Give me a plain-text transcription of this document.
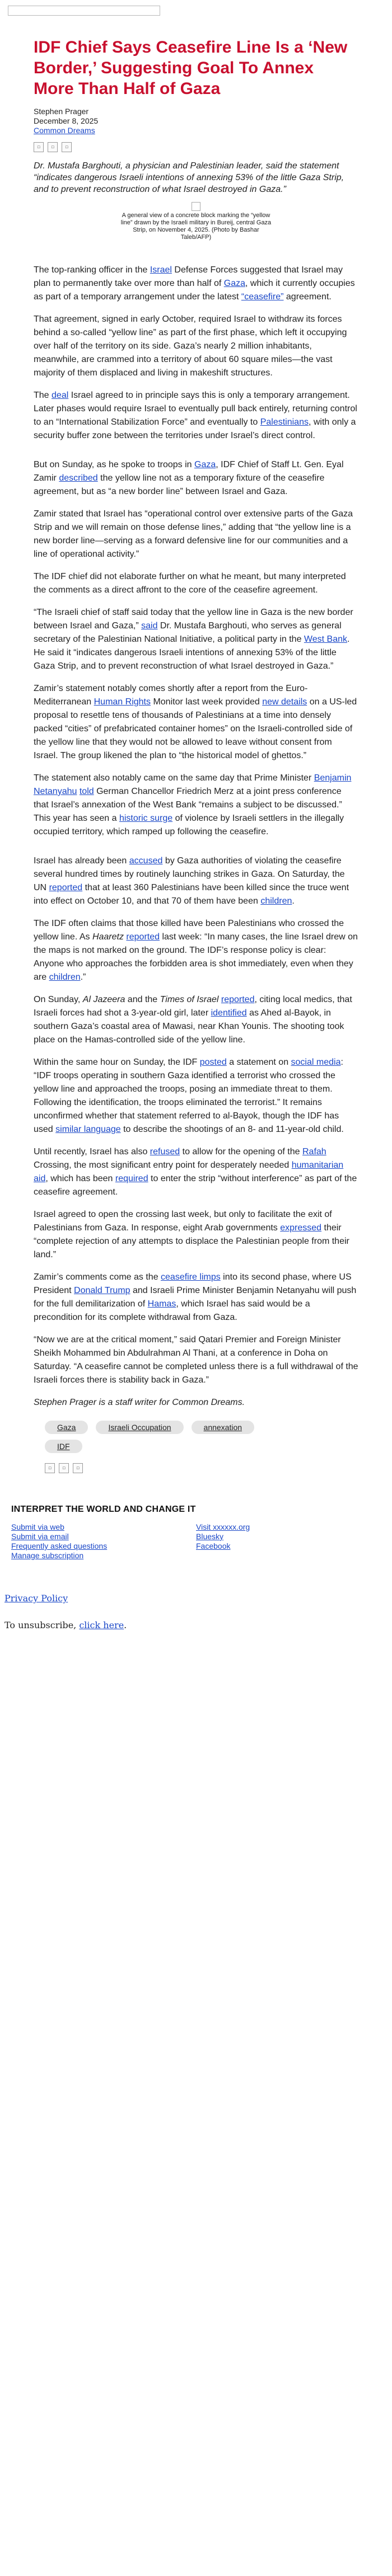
IDF Chief Says Ceasefire Line Is a ‘New Border,’ Suggesting Goal To Annex More Than Half of Gaza
Stephen Prager
December 8, 2025
Common Dreams
▫	▫	▫

Dr. Mustafa Barghouti, a physician and Palestinian leader, said the statement “indicates dangerous Israeli intentions of annexing 53% of the little Gaza Strip, and to prevent reconstruction of what Israel destroyed in Gaza.”

A general view of a concrete block marking the “yellow line” drawn by the Israeli military in Bureij, central Gaza Strip, on November 4, 2025. (Photo by Bashar Taleb/AFP)

The top-ranking officer in the Israel Defense Forces suggested that Israel may plan to permanently take over more than half of Gaza, which it currently occupies as part of a temporary arrangement under the latest “ceasefire” agreement.

That agreement, signed in early October, required Israel to withdraw its forces behind a so-called “yellow line” as part of the first phase, which left it occupying over half of the territory on its side. Gaza’s nearly 2 million inhabitants, meanwhile, are crammed into a territory of about 60 square miles—the vast majority of them displaced and living in makeshift structures.

The deal Israel agreed to in principle says this is only a temporary arrangement. Later phases would require Israel to eventually pull back entirely, returning control to an “International Stabilization Force” and eventually to Palestinians, with only a security buffer zone between the territories under Israel’s direct control.

But on Sunday, as he spoke to troops in Gaza, IDF Chief of Staff Lt. Gen. Eyal Zamir described the yellow line not as a temporary fixture of the ceasefire agreement, but as “a new border line” between Israel and Gaza.

Zamir stated that Israel has “operational control over extensive parts of the Gaza Strip and we will remain on those defense lines,” adding that “the yellow line is a new border line—serving as a forward defensive line for our communities and a line of operational activity.”

The IDF chief did not elaborate further on what he meant, but many interpreted the comments as a direct affront to the core of the ceasefire agreement.

“The Israeli chief of staff said today that the yellow line in Gaza is the new border between Israel and Gaza,” said Dr. Mustafa Barghouti, who serves as general secretary of the Palestinian National Initiative, a political party in the West Bank. He said it “indicates dangerous Israeli intentions of annexing 53% of the little Gaza Strip, and to prevent reconstruction of what Israel destroyed in Gaza.”

Zamir’s statement notably comes shortly after a report from the Euro-Mediterranean Human Rights Monitor last week provided new details on a US-led proposal to resettle tens of thousands of Palestinians at a time into densely packed “cities” of prefabricated container homes” on the Israeli-controlled side of the yellow line that they would not be allowed to leave without consent from Israel. The group likened the plan to “the historical model of ghettos.”

The statement also notably came on the same day that Prime Minister Benjamin Netanyahu told German Chancellor Friedrich Merz at a joint press conference that Israel’s annexation of the West Bank “remains a subject to be discussed.” This year has seen a historic surge of violence by Israeli settlers in the illegally occupied territory, which ramped up following the ceasefire.

Israel has already been accused by Gaza authorities of violating the ceasefire several hundred times by routinely launching strikes in Gaza. On Saturday, the UN reported that at least 360 Palestinians have been killed since the truce went into effect on October 10, and that 70 of them have been children.

The IDF often claims that those killed have been Palestinians who crossed the yellow line. As Haaretz reported last week: “In many cases, the line Israel drew on the maps is not marked on the ground. The IDF’s response policy is clear: Anyone who approaches the forbidden area is shot immediately, even when they are children.”

On Sunday, Al Jazeera and the Times of Israel reported, citing local medics, that Israeli forces had shot a 3-year-old girl, later identified as Ahed al-Bayok, in southern Gaza’s coastal area of Mawasi, near Khan Younis. The shooting took place on the Hamas-controlled side of the yellow line.

Within the same hour on Sunday, the IDF posted a statement on social media: “IDF troops operating in southern Gaza identified a terrorist who crossed the yellow line and approached the troops, posing an immediate threat to them. Following the identification, the troops eliminated the terrorist.” It remains unconfirmed whether that statement referred to al-Bayok, though the IDF has used similar language to describe the shootings of an 8- and 11-year-old child.

Until recently, Israel has also refused to allow for the opening of the Rafah Crossing, the most significant entry point for desperately needed humanitarian aid, which has been required to enter the strip “without interference” as part of the ceasefire agreement.

Israel agreed to open the crossing last week, but only to facilitate the exit of Palestinians from Gaza. In response, eight Arab governments expressed their “complete rejection of any attempts to displace the Palestinian people from their land.”

Zamir’s comments come as the ceasefire limps into its second phase, where US President Donald Trump and Israeli Prime Minister Benjamin Netanyahu will push for the full demilitarization of Hamas, which Israel has said would be a precondition for its complete withdrawal from Gaza.

“Now we are at the critical moment,” said Qatari Premier and Foreign Minister Sheikh Mohammed bin Abdulrahman Al Thani, at a conference in Doha on Saturday. “A ceasefire cannot be completed unless there is a full withdrawal of the Israeli forces there is stability back in Gaza.”

Stephen Prager is a staff writer for Common Dreams.

Gaza	Israeli Occupation	annexation
IDF
▫	▫	▫
INTERPRET THE WORLD AND CHANGE IT
Submit via web
Submit via email
Frequently asked questions
Manage subscription
Visit xxxxxx.org
Bluesky
Facebook
Privacy Policy

To unsubscribe, click here.
